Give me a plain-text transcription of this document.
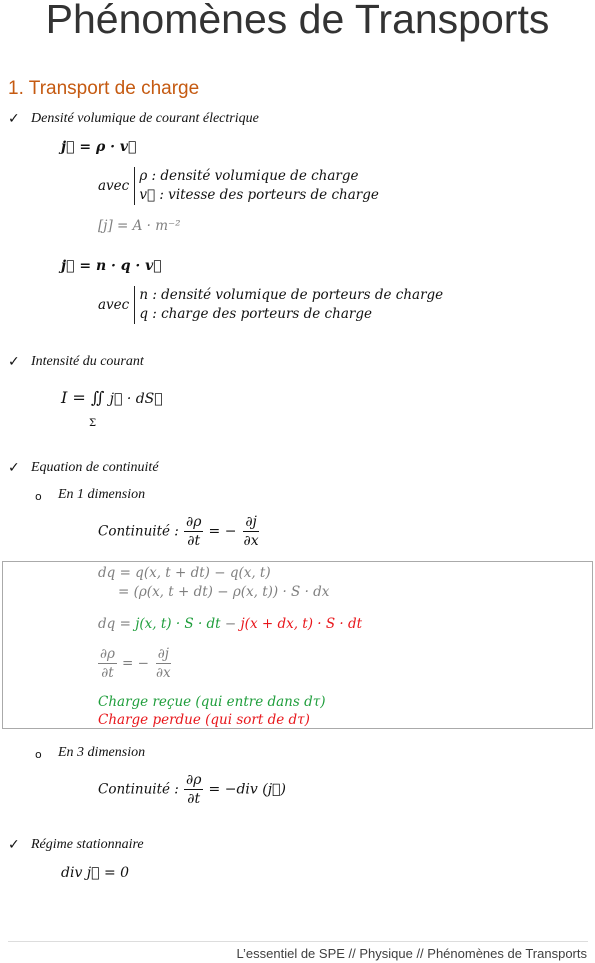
Phénomènes de Transports
1. Transport de charge
✓ Densité volumique de courant électrique
j⃗ = ρ · v⃗
avec ρ : densité volumique de charge
v⃗ : vitesse des porteurs de charge
[j] = A · m⁻²
j⃗ = n · q · v⃗
avec n : densité volumique de porteurs de charge
q : charge des porteurs de charge
✓ Intensité du courant
I = ∬ j⃗ · dS⃗
Σ
✓ Equation de continuité
o En 1 dimension
Continuité : $\frac{\partial\rho}{\partial t}$ = − $\frac{\partial j}{\partial x}$
dq = q(x, t + dt) − q(x, t)
= (ρ(x, t + dt) − ρ(x, t)) · S · dx
dq = j(x, t) · S · dt − j(x + dx, t) · S · dt
$\frac{\partial\rho}{\partial t}$ = − $\frac{\partial j}{\partial x}$
Charge reçue (qui entre dans dτ)
Charge perdue (qui sort de dτ)
o En 3 dimension
Continuité : $\frac{\partial\rho}{\partial t} = -div$ (j⃗)
✓ Régime stationnaire
div j⃗ = 0
L’essentiel de SPE // Physique // Phénomènes de Transports
